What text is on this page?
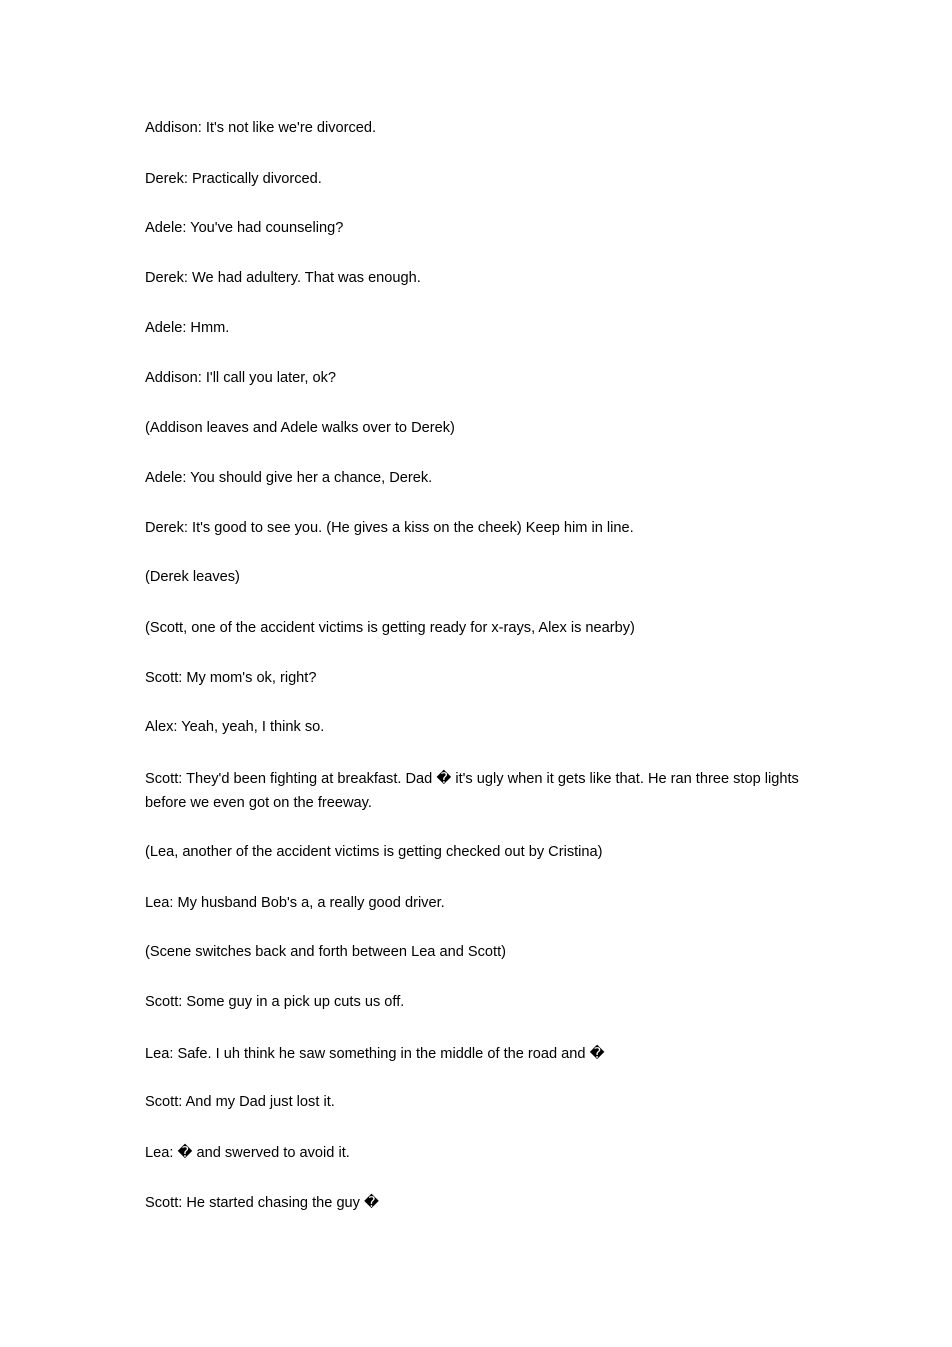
Addison: It's not like we're divorced.

Derek: Practically divorced.

Adele: You've had counseling?

Derek: We had adultery. That was enough.

Adele: Hmm.

Addison: I'll call you later, ok?

(Addison leaves and Adele walks over to Derek)

Adele: You should give her a chance, Derek.

Derek: It's good to see you. (He gives a kiss on the cheek) Keep him in line.

(Derek leaves)

(Scott, one of the accident victims is getting ready for x-rays, Alex is nearby)

Scott: My mom's ok, right?

Alex: Yeah, yeah, I think so.

Scott: They'd been fighting at breakfast. Dad � it's ugly when it gets like that. He ran three stop lights before we even got on the freeway.

(Lea, another of the accident victims is getting checked out by Cristina)

Lea: My husband Bob's a, a really good driver.

(Scene switches back and forth between Lea and Scott)

Scott: Some guy in a pick up cuts us off.

Lea: Safe. I uh think he saw something in the middle of the road and �

Scott: And my Dad just lost it.

Lea: � and swerved to avoid it.

Scott: He started chasing the guy �
